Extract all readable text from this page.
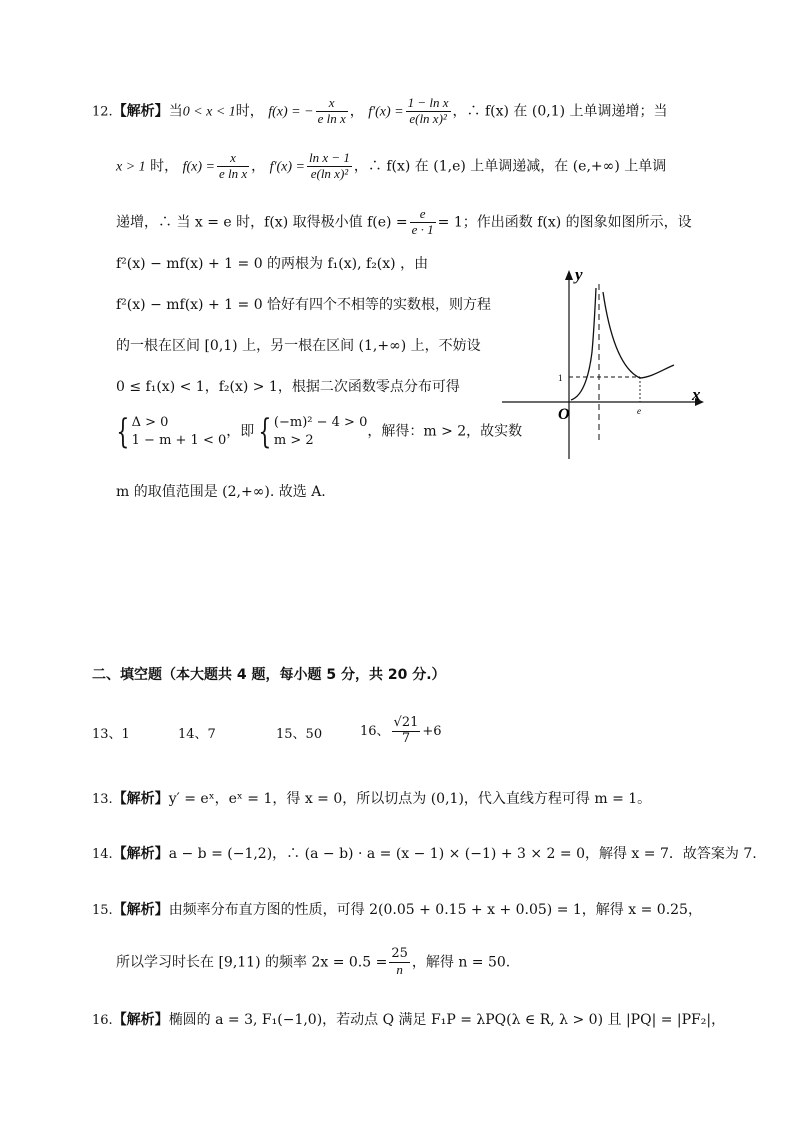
12.【解析】当0 < x < 1时， f(x) = − $\frac{x}{\text{e ln x}}$ ， $f'(x) = \frac{\text{1 − ln x}}{\text{e(ln x)²}}$ ，∴ f(x) 在 (0,1) 上单调递增；当
x > 1 时， $f(x) = \frac{x}{\text{e ln x}}$ ， $f'(x) = \frac{\text{ln x − 1}}{\text{e(ln x)²}}$ ，∴ f(x) 在 (1,e) 上单调递减，在 (e,+∞) 上单调
递增，∴ 当 x = e 时，f(x) 取得极小值 $f(e) = \frac{e}{e \cdot 1} = 1$；作出函数 f(x) 的图象如图所示，设
f²(x) − mf(x) + 1 = 0 的两根为 f₁(x), f₂(x) ，由
f²(x) − mf(x) + 1 = 0 恰好有四个不相等的实数根，则方程
的一根在区间 [0,1) 上，另一根在区间 (1,+∞) 上，不妨设
0 ≤ f₁(x) < 1，f₂(x) > 1，根据二次函数零点分布可得
{ Δ > 0
1 − m + 1 < 0
，即 { (−m)² − 4 > 0
m > 2
，解得：m > 2，故实数
m 的取值范围是 (2,+∞). 故选 A.
y
x
O
1
e
二、填空题（本大题共 4 题，每小题 5 分，共 20 分.）
13、1	14、7	15、50	16、 $\frac{√21}{7} +6$
13.【解析】y′ = eˣ，eˣ = 1，得 x = 0，所以切点为 (0,1)，代入直线方程可得 m = 1。
14.【解析】a − b = (−1,2)，∴ (a − b) · a = (x − 1) × (−1) + 3 × 2 = 0，解得 x = 7．故答案为 7.
15.【解析】由频率分布直方图的性质，可得 2(0.05 + 0.15 + x + 0.05) = 1，解得 x = 0.25，
所以学习时长在 [9,11) 的频率 $2x = 0.5 = \frac{25}{n}$ ，解得 n = 50.
16.【解析】椭圆的 a = 3, F₁(−1,0)，若动点 Q 满足 F₁P = λPQ(λ ∈ R, λ > 0) 且 |PQ| = |PF₂|，
